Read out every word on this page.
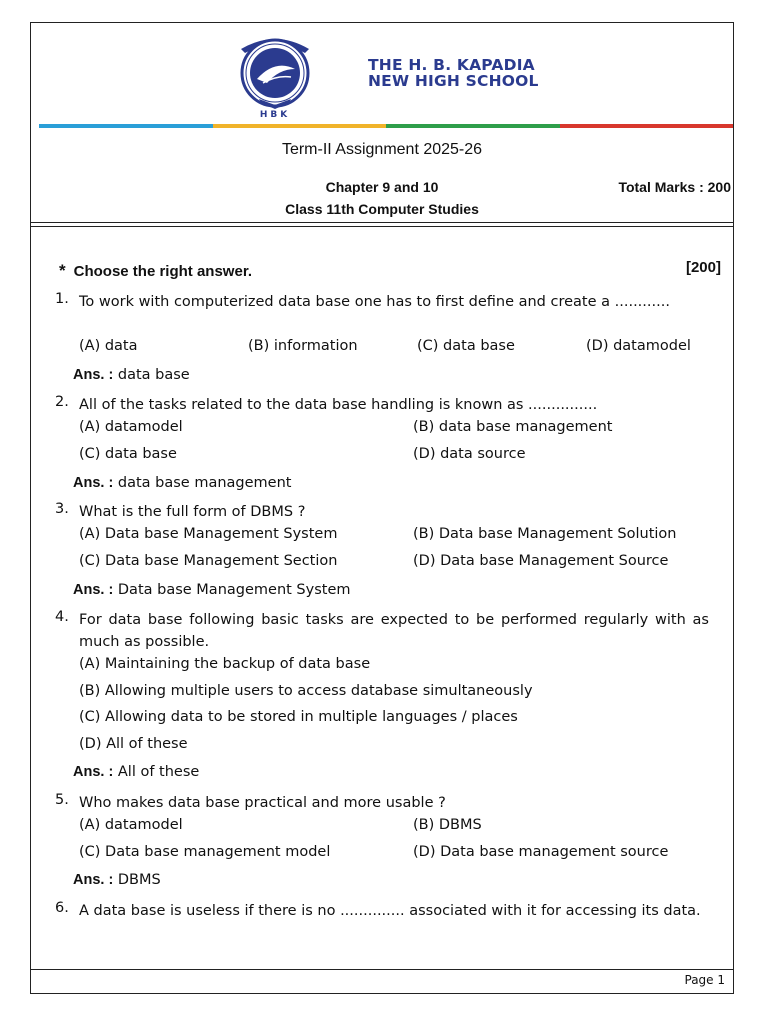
HBK
THE H. B. KAPADIA
NEW HIGH SCHOOL
Term-II Assignment 2025-26
Chapter 9 and 10	Total Marks : 200
Class 11th Computer Studies
* Choose the right answer.	[200]
1. To work with computerized data base one has to first define and create a ............
(A) data	(B) information	(C) data base	(D) datamodel
Ans. : data base
2. All of the tasks related to the data base handling is known as ...............
(A) datamodel	(B) data base management
(C) data base	(D) data source
Ans. : data base management
3. What is the full form of DBMS ?
(A) Data base Management System	(B) Data base Management Solution
(C) Data base Management Section	(D) Data base Management Source
Ans. : Data base Management System
4. For data base following basic tasks are expected to be performed regularly with as much as possible.
(A) Maintaining the backup of data base
(B) Allowing multiple users to access database simultaneously
(C) Allowing data to be stored in multiple languages / places
(D) All of these
Ans. : All of these
5. Who makes data base practical and more usable ?
(A) datamodel	(B) DBMS
(C) Data base management model	(D) Data base management source
Ans. : DBMS
6. A data base is useless if there is no .............. associated with it for accessing its data.
Page 1
